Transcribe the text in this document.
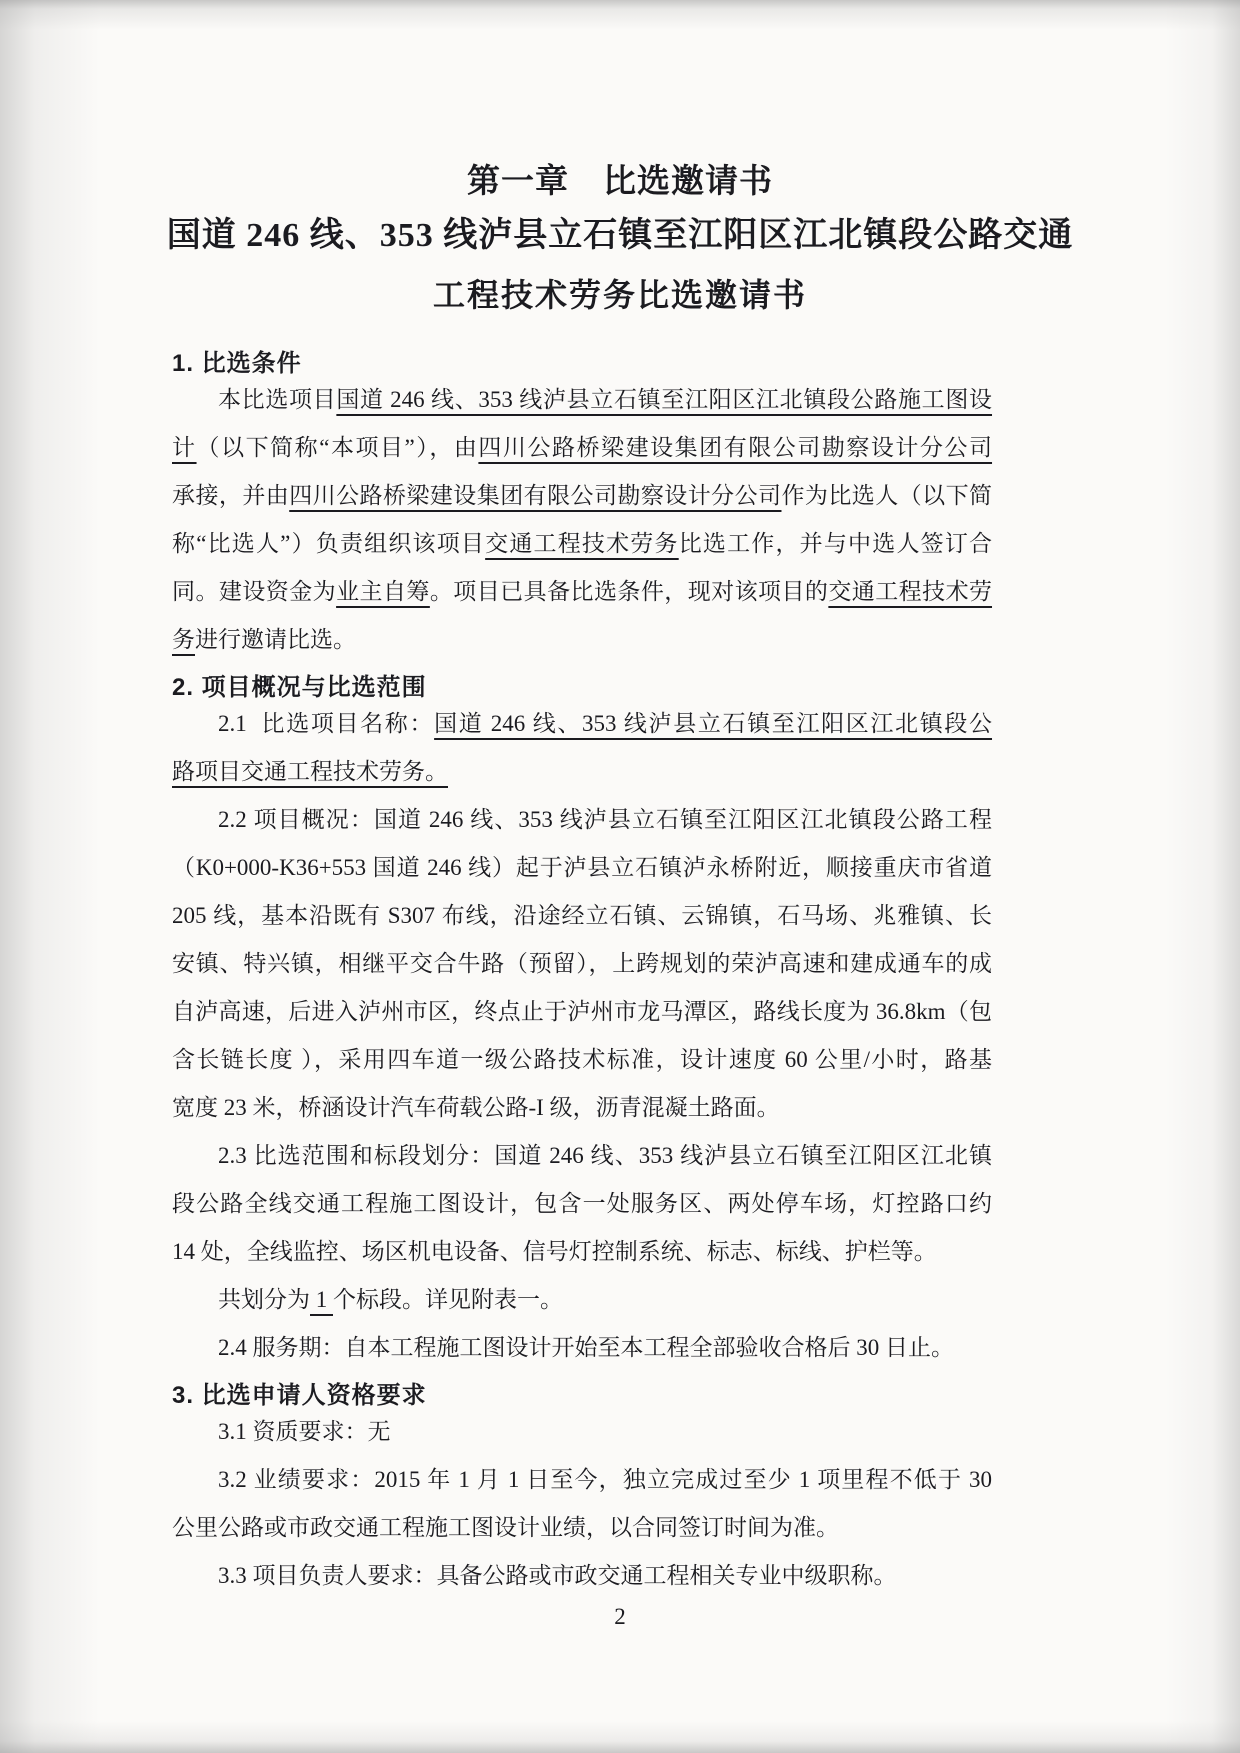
第一章　比选邀请书
国道 246 线、353 线泸县立石镇至江阳区江北镇段公路交通
工程技术劳务比选邀请书
1. 比选条件
本比选项目国道 246 线、353 线泸县立石镇至江阳区江北镇段公路施工图设
计（以下简称“本项目”），由四川公路桥梁建设集团有限公司勘察设计分公司
承接，并由四川公路桥梁建设集团有限公司勘察设计分公司作为比选人（以下简
称“比选人”）负责组织该项目交通工程技术劳务比选工作，并与中选人签订合
同。建设资金为业主自筹。项目已具备比选条件，现对该项目的交通工程技术劳
务进行邀请比选。
2. 项目概况与比选范围
2.1  比选项目名称：国道 246 线、353 线泸县立石镇至江阳区江北镇段公
路项目交通工程技术劳务。
2.2 项目概况：国道 246 线、353 线泸县立石镇至江阳区江北镇段公路工程
（K0+000-K36+553 国道 246 线）起于泸县立石镇泸永桥附近，顺接重庆市省道
205 线，基本沿既有 S307 布线，沿途经立石镇、云锦镇，石马场、兆雅镇、长
安镇、特兴镇，相继平交合牛路（预留），上跨规划的荣泸高速和建成通车的成
自泸高速，后进入泸州市区，终点止于泸州市龙马潭区，路线长度为 36.8km（包
含长链长度 ），采用四车道一级公路技术标准，设计速度 60 公里/小时，路基
宽度 23 米，桥涵设计汽车荷载公路-I 级，沥青混凝土路面。
2.3 比选范围和标段划分：国道 246 线、353 线泸县立石镇至江阳区江北镇
段公路全线交通工程施工图设计，包含一处服务区、两处停车场，灯控路口约
14 处，全线监控、场区机电设备、信号灯控制系统、标志、标线、护栏等。
共划分为 1 个标段。详见附表一。
2.4 服务期：自本工程施工图设计开始至本工程全部验收合格后 30 日止。
3. 比选申请人资格要求
3.1 资质要求：无
3.2 业绩要求：2015 年 1 月 1 日至今，独立完成过至少 1 项里程不低于 30
公里公路或市政交通工程施工图设计业绩，以合同签订时间为准。
3.3 项目负责人要求：具备公路或市政交通工程相关专业中级职称。
2
